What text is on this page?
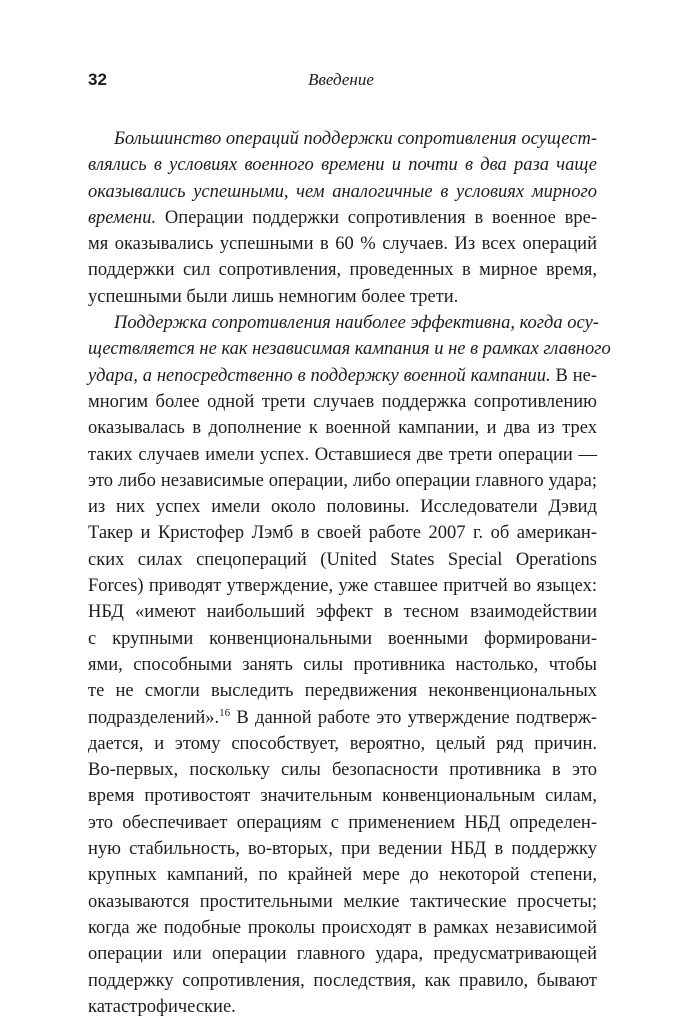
32	Введение

Большинство операций поддержки сопротивления осущест-
влялись в условиях военного времени и почти в два раза чаще
оказывались успешными, чем аналогичные в условиях мирного
времени. Операции поддержки сопротивления в военное вре-
мя оказывались успешными в 60 % случаев. Из всех операций
поддержки сил сопротивления, проведенных в мирное время,
успешными были лишь немногим более трети.

Поддержка сопротивления наиболее эффективна, когда осу-
ществляется не как независимая кампания и не в рамках главного
удара, а непосредственно в поддержку военной кампании. В не-
многим более одной трети случаев поддержка сопротивлению
оказывалась в дополнение к военной кампании, и два из трех
таких случаев имели успех. Оставшиеся две трети операции —
это либо независимые операции, либо операции главного удара;
из них успех имели около половины. Исследователи Дэвид
Такер и Кристофер Лэмб в своей работе 2007 г. об американ-
ских силах спецопераций (United States Special Operations
Forces) приводят утверждение, уже ставшее притчей во языцех:
НБД «имеют наибольший эффект в тесном взаимодействии
с крупными конвенциональными военными формировани-
ями, способными занять силы противника настолько, чтобы
те не смогли выследить передвижения неконвенциональных
подразделений».$^{16}$ В данной работе это утверждение подтверж-
дается, и этому способствует, вероятно, целый ряд причин.
Во-первых, поскольку силы безопасности противника в это
время противостоят значительным конвенциональным силам,
это обеспечивает операциям с применением НБД определен-
ную стабильность, во-вторых, при ведении НБД в поддержку
крупных кампаний, по крайней мере до некоторой степени,
оказываются простительными мелкие тактические просчеты;
когда же подобные проколы происходят в рамках независимой
операции или операции главного удара, предусматривающей
поддержку сопротивления, последствия, как правило, бывают
катастрофические.
